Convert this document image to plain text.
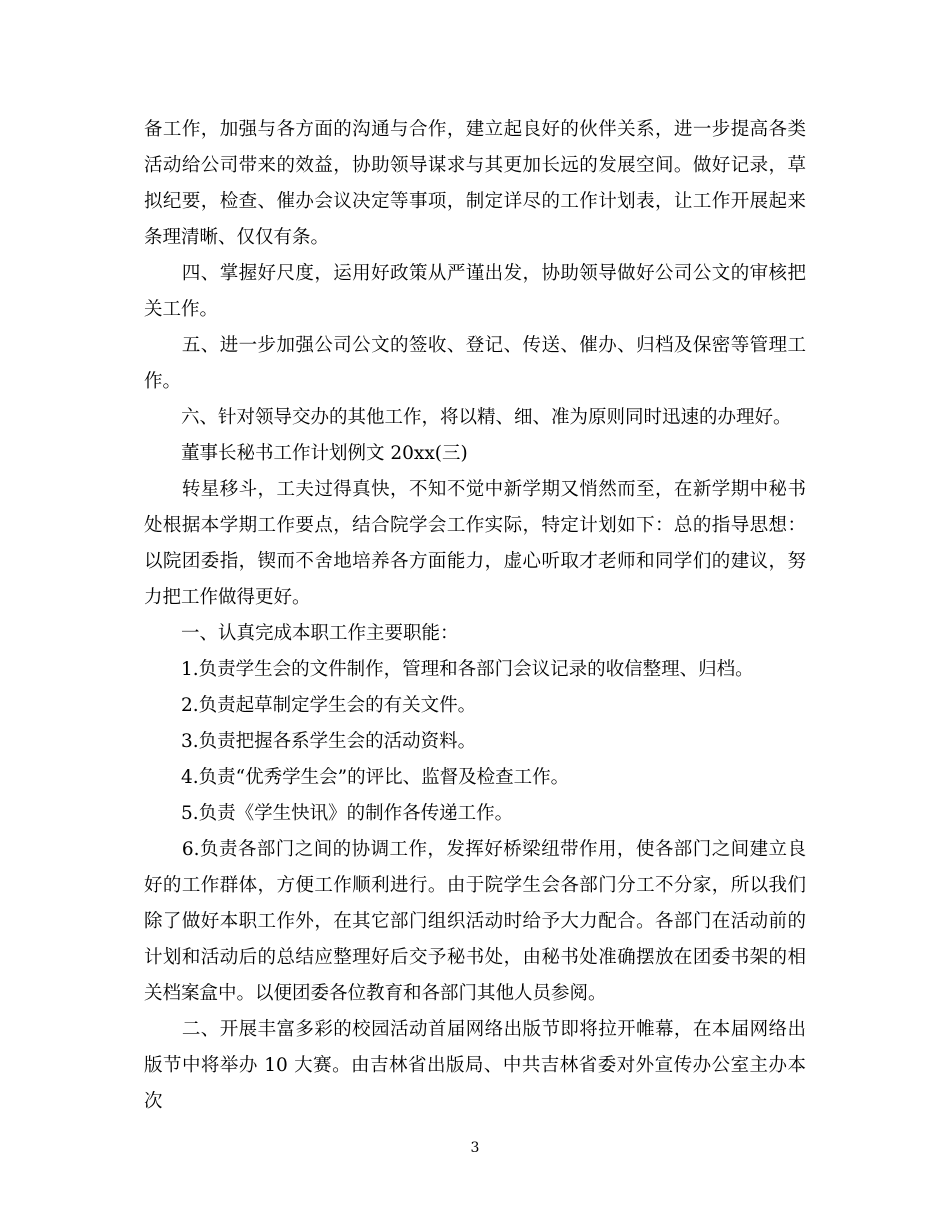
备工作，加强与各方面的沟通与合作，建立起良好的伙伴关系，进一步提高各类活动给公司带来的效益，协助领导谋求与其更加长远的发展空间。做好记录，草拟纪要，检查、催办会议决定等事项，制定详尽的工作计划表，让工作开展起来条理清晰、仅仅有条。

　　四、掌握好尺度，运用好政策从严谨出发，协助领导做好公司公文的审核把关工作。

　　五、进一步加强公司公文的签收、登记、传送、催办、归档及保密等管理工作。

　　六、针对领导交办的其他工作，将以精、细、准为原则同时迅速的办理好。

　　董事长秘书工作计划例文 20xx(三)

　　转星移斗，工夫过得真快，不知不觉中新学期又悄然而至，在新学期中秘书处根据本学期工作要点，结合院学会工作实际，特定计划如下：总的指导思想：以院团委指，锲而不舍地培养各方面能力，虚心听取才老师和同学们的建议，努力把工作做得更好。

　　一、认真完成本职工作主要职能：

　　1.负责学生会的文件制作，管理和各部门会议记录的收信整理、归档。

　　2.负责起草制定学生会的有关文件。

　　3.负责把握各系学生会的活动资料。

　　4.负责“优秀学生会”的评比、监督及检查工作。

　　5.负责《学生快讯》的制作各传递工作。

　　6.负责各部门之间的协调工作，发挥好桥梁纽带作用，使各部门之间建立良好的工作群体，方便工作顺利进行。由于院学生会各部门分工不分家，所以我们除了做好本职工作外，在其它部门组织活动时给予大力配合。各部门在活动前的计划和活动后的总结应整理好后交予秘书处，由秘书处准确摆放在团委书架的相关档案盒中。以便团委各位教育和各部门其他人员参阅。

　　二、开展丰富多彩的校园活动首届网络出版节即将拉开帷幕，在本届网络出版节中将举办 10 大赛。由吉林省出版局、中共吉林省委对外宣传办公室主办本次

3
